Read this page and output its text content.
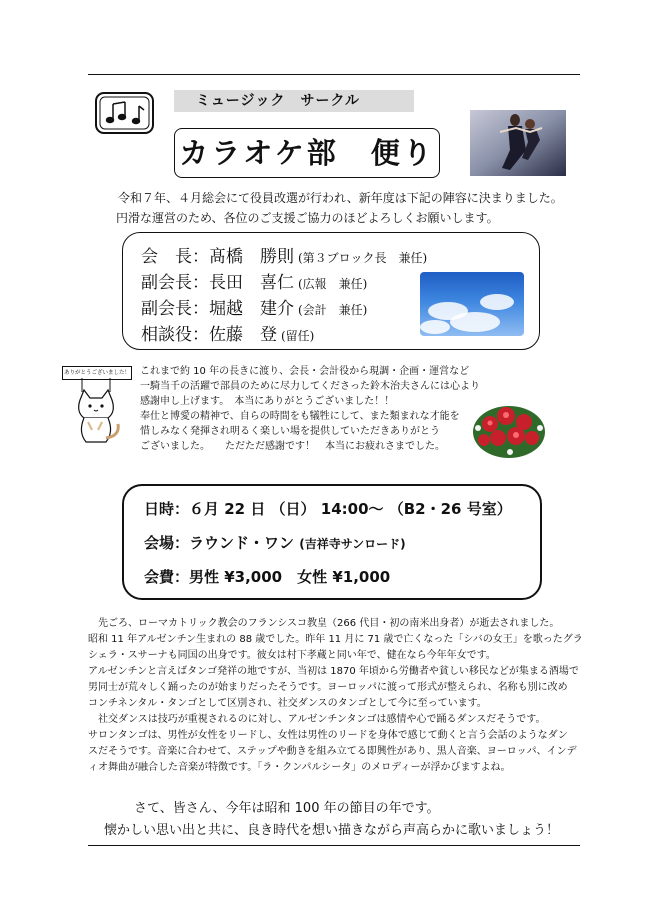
ミュージック　サークル
カラオケ部　便り
令和７年、４月総会にて役員改選が行われ、新年度は下記の陣容に決まりました。
円滑な運営のため、各位のご支援ご協力のほどよろしくお願いします。
会　長：髙橋　勝則 (第３ブロック長　兼任)
副会長：長田　喜仁 (広報　兼任)
副会長：堀越　建介 (会計　兼任)
相談役：佐藤　登 (留任)
ありがとうございました！ これまで約 10 年の長きに渡り、会長・会計役から現調・企画・運営など
一騎当千の活躍で部員のために尽力してくださった鈴木治夫さんには心より
感謝申し上げます。　本当にありがとうございました！！
奉仕と博愛の精神で、自らの時間をも犠牲にして、また類まれな才能を
惜しみなく発揮され明るく楽しい場を提供していただきありがとう
ございました。　　ただただ感謝です！　本当にお疲れさまでした。
日時：６月 22 日 （日） 14:00～ （B2・26 号室）
会場：ラウンド・ワン (吉祥寺サンロード)
会費：男性 ¥3,000　女性 ¥1,000
先ごろ、ローマカトリック教会のフランシスコ教皇（266 代目・初の南米出身者）が逝去されました。
昭和 11 年アルゼンチン生まれの 88 歳でした。昨年 11 月に 71 歳で亡くなった「シバの女王」を歌ったグラ
シェラ・スサーナも同国の出身です。彼女は村下孝蔵と同い年で、健在なら今年年女です。
アルゼンチンと言えばタンゴ発祥の地ですが、当初は 1870 年頃から労働者や貧しい移民などが集まる酒場で
男同士が荒々しく踊ったのが始まりだったそうです。ヨーロッパに渡って形式が整えられ、名称も別に改め
コンチネンタル・タンゴとして区別され、社交ダンスのタンゴとして今に至っています。
社交ダンスは技巧が重視されるのに対し、アルゼンチンタンゴは感情や心で踊るダンスだそうです。
サロンタンゴは、男性が女性をリードし、女性は男性のリードを身体で感じて動くと言う会話のようなダン
スだそうです。音楽に合わせて、ステップや動きを組み立てる即興性があり、黒人音楽、ヨーロッパ、インデ
ィオ舞曲が融合した音楽が特徴です。「ラ・クンパルシータ」のメロディーが浮かびますよね。
さて、皆さん、今年は昭和 100 年の節目の年です。
懐かしい思い出と共に、良き時代を想い描きながら声高らかに歌いましょう！
